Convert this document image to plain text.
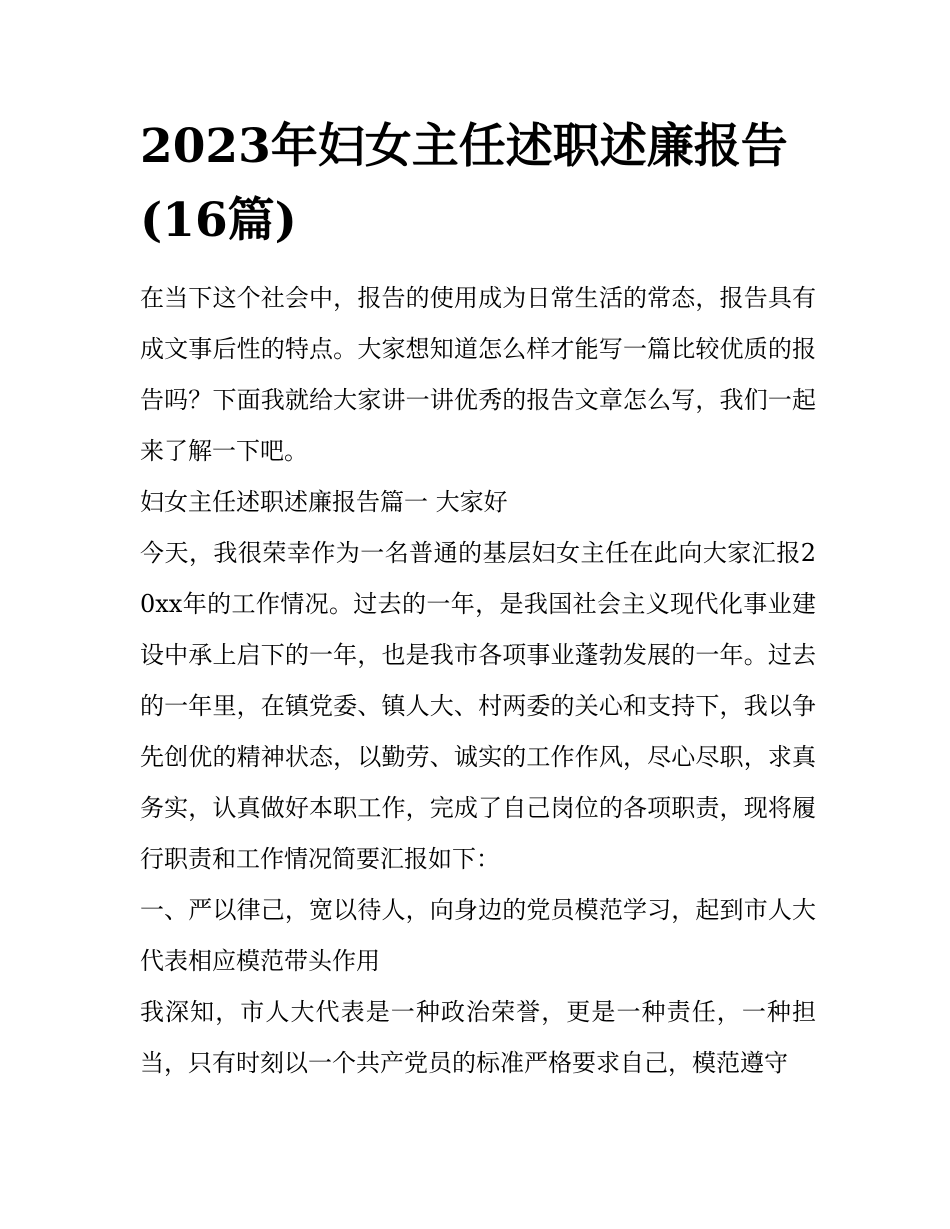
2023年妇女主任述职述廉报告(16篇)

在当下这个社会中，报告的使用成为日常生活的常态，报告具有成文事后性的特点。大家想知道怎么样才能写一篇比较优质的报告吗？下面我就给大家讲一讲优秀的报告文章怎么写，我们一起来了解一下吧。

妇女主任述职述廉报告篇一 大家好

今天，我很荣幸作为一名普通的基层妇女主任在此向大家汇报20xx年的工作情况。过去的一年，是我国社会主义现代化事业建设中承上启下的一年，也是我市各项事业蓬勃发展的一年。过去的一年里，在镇党委、镇人大、村两委的关心和支持下，我以争先创优的精神状态，以勤劳、诚实的工作作风，尽心尽职，求真务实，认真做好本职工作，完成了自己岗位的各项职责，现将履行职责和工作情况简要汇报如下：

一、严以律己，宽以待人，向身边的党员模范学习，起到市人大代表相应模范带头作用

我深知，市人大代表是一种政治荣誉，更是一种责任，一种担当，只有时刻以一个共产党员的标准严格要求自己，模范遵守
